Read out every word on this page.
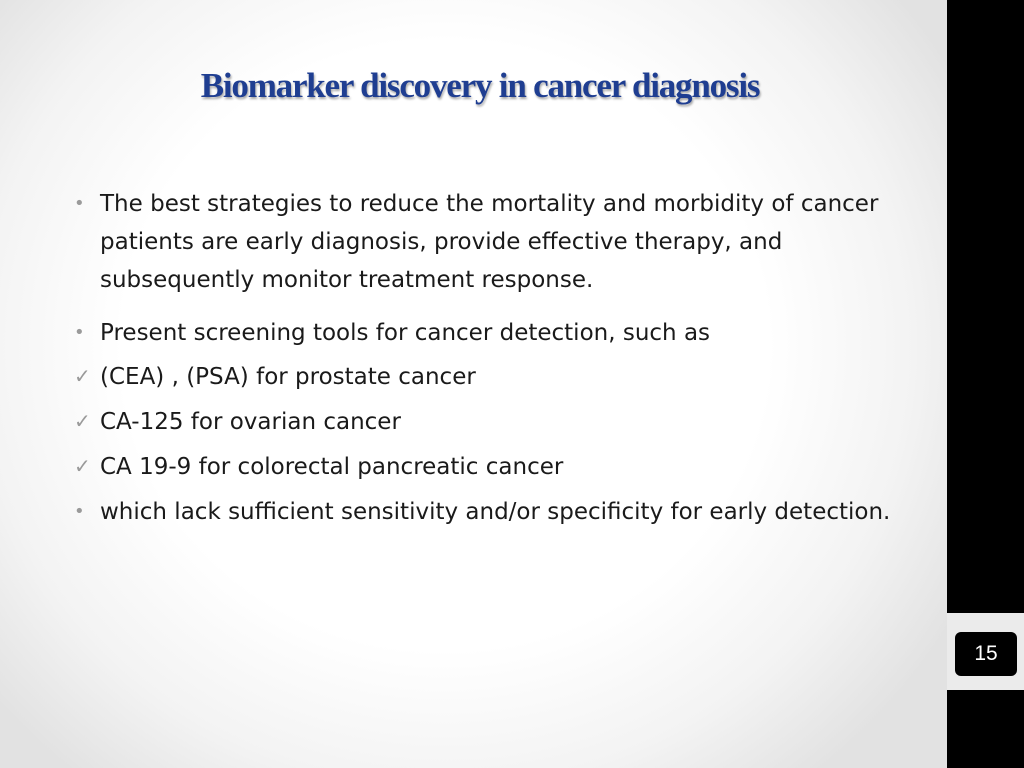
Biomarker discovery in cancer diagnosis
• The best strategies to reduce the mortality and morbidity of cancer patients are early diagnosis, provide effective therapy, and subsequently monitor treatment response.
• Present screening tools for cancer detection, such as
✓ (CEA) , (PSA) for prostate cancer
✓ CA-125 for ovarian cancer
✓ CA 19-9 for colorectal pancreatic cancer
• which lack sufficient sensitivity and/or specificity for early detection.
15
